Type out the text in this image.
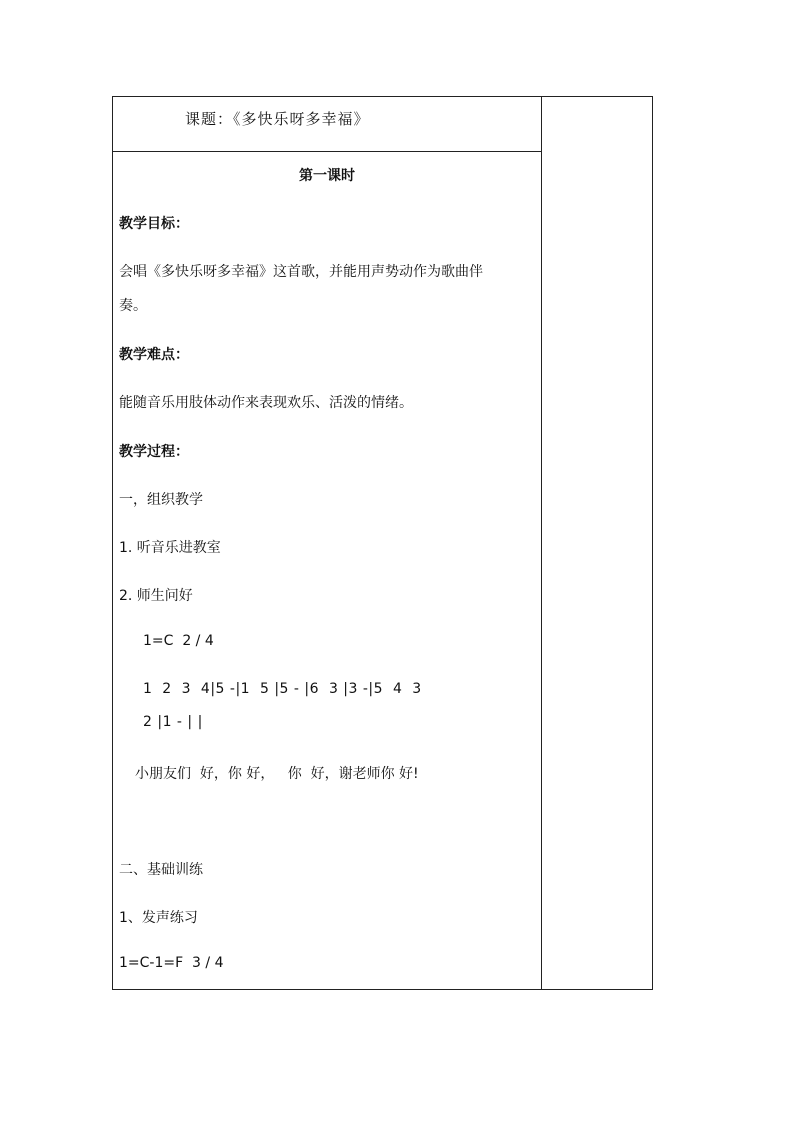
课题：《多快乐呀多幸福》

第一课时
教学目标：
会唱《多快乐呀多幸福》这首歌，并能用声势动作为歌曲伴
奏。
教学难点：
能随音乐用肢体动作来表现欢乐、活泼的情绪。
教学过程：
一，组织教学
1. 听音乐进教室
2. 师生问好
1=C  2 / 4
1  2  3  4|5 -|1  5 |5 - |6  3 |3 -|5  4  3
2 |1 - | |
小朋友们  好，你 好，   你  好，谢老师你 好!
二、基础训练
1、发声练习
1=C-1=F  3 / 4
